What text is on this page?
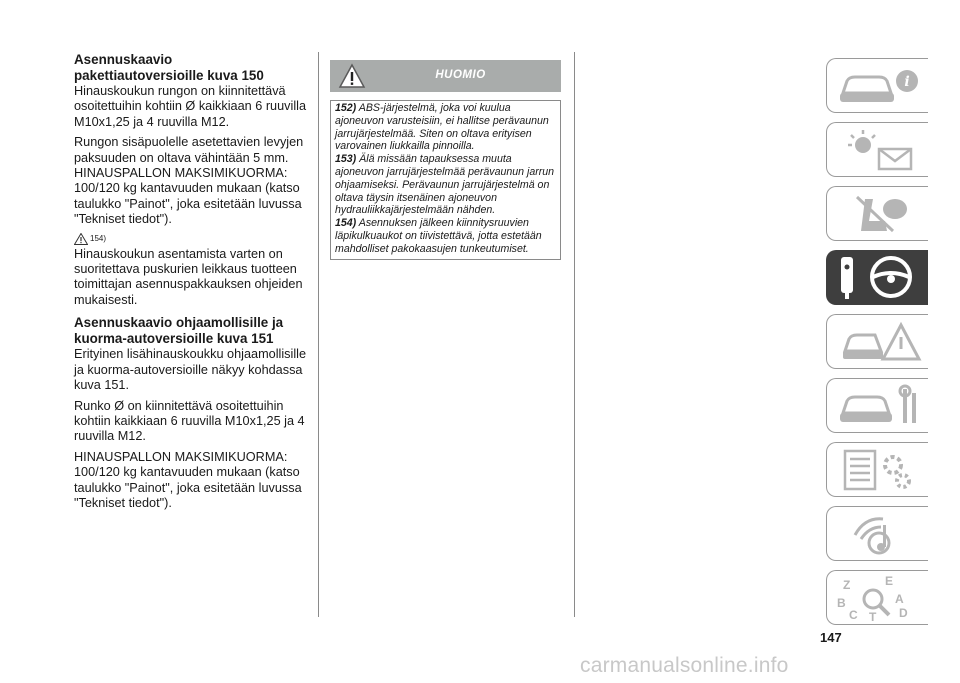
Asennuskaavio
pakettiautoversioille kuva 150

Hinauskoukun rungon on kiinnitettävä osoitettuihin kohtiin Ø kaikkiaan 6 ruuvilla M10x1,25 ja 4 ruuvilla M12.

Rungon sisäpuolelle asetettavien levyjen paksuuden on oltava vähintään 5 mm. HINAUSPALLON MAKSIMIKUORMA: 100/120 kg kantavuuden mukaan (katso taulukko "Painot", joka esitetään luvussa "Tekniset tiedot").

154)

Hinauskoukun asentamista varten on suoritettava puskurien leikkaus tuotteen toimittajan asennuspakkauksen ohjeiden mukaisesti.

Asennuskaavio ohjaamollisille ja
kuorma-autoversioille kuva 151

Erityinen lisähinauskoukku ohjaamollisille ja kuorma-autoversioille näkyy kohdassa kuva 151.

Runko Ø on kiinnitettävä osoitettuihin kohtiin kaikkiaan 6 ruuvilla M10x1,25 ja 4 ruuvilla M12.

HINAUSPALLON MAKSIMIKUORMA: 100/120 kg kantavuuden mukaan (katso taulukko "Painot", joka esitetään luvussa "Tekniset tiedot").

HUOMIO

152) ABS-järjestelmä, joka voi kuulua ajoneuvon varusteisiin, ei hallitse perävaunun jarrujärjestelmää. Siten on oltava erityisen varovainen liukkailla pinnoilla.

153) Älä missään tapauksessa muuta ajoneuvon jarrujärjestelmää perävaunun jarrun ohjaamiseksi. Perävaunun jarrujärjestelmä on oltava täysin itsenäinen ajoneuvon hydrauliikkajärjestelmään nähden.

154) Asennuksen jälkeen kiinnitysruuvien läpikulkuaukot on tiivistettävä, jotta estetään mahdolliset pakokaasujen tunkeutumiset.

i
Z	E
B	A
C T D
147
carmanualsonline.info
